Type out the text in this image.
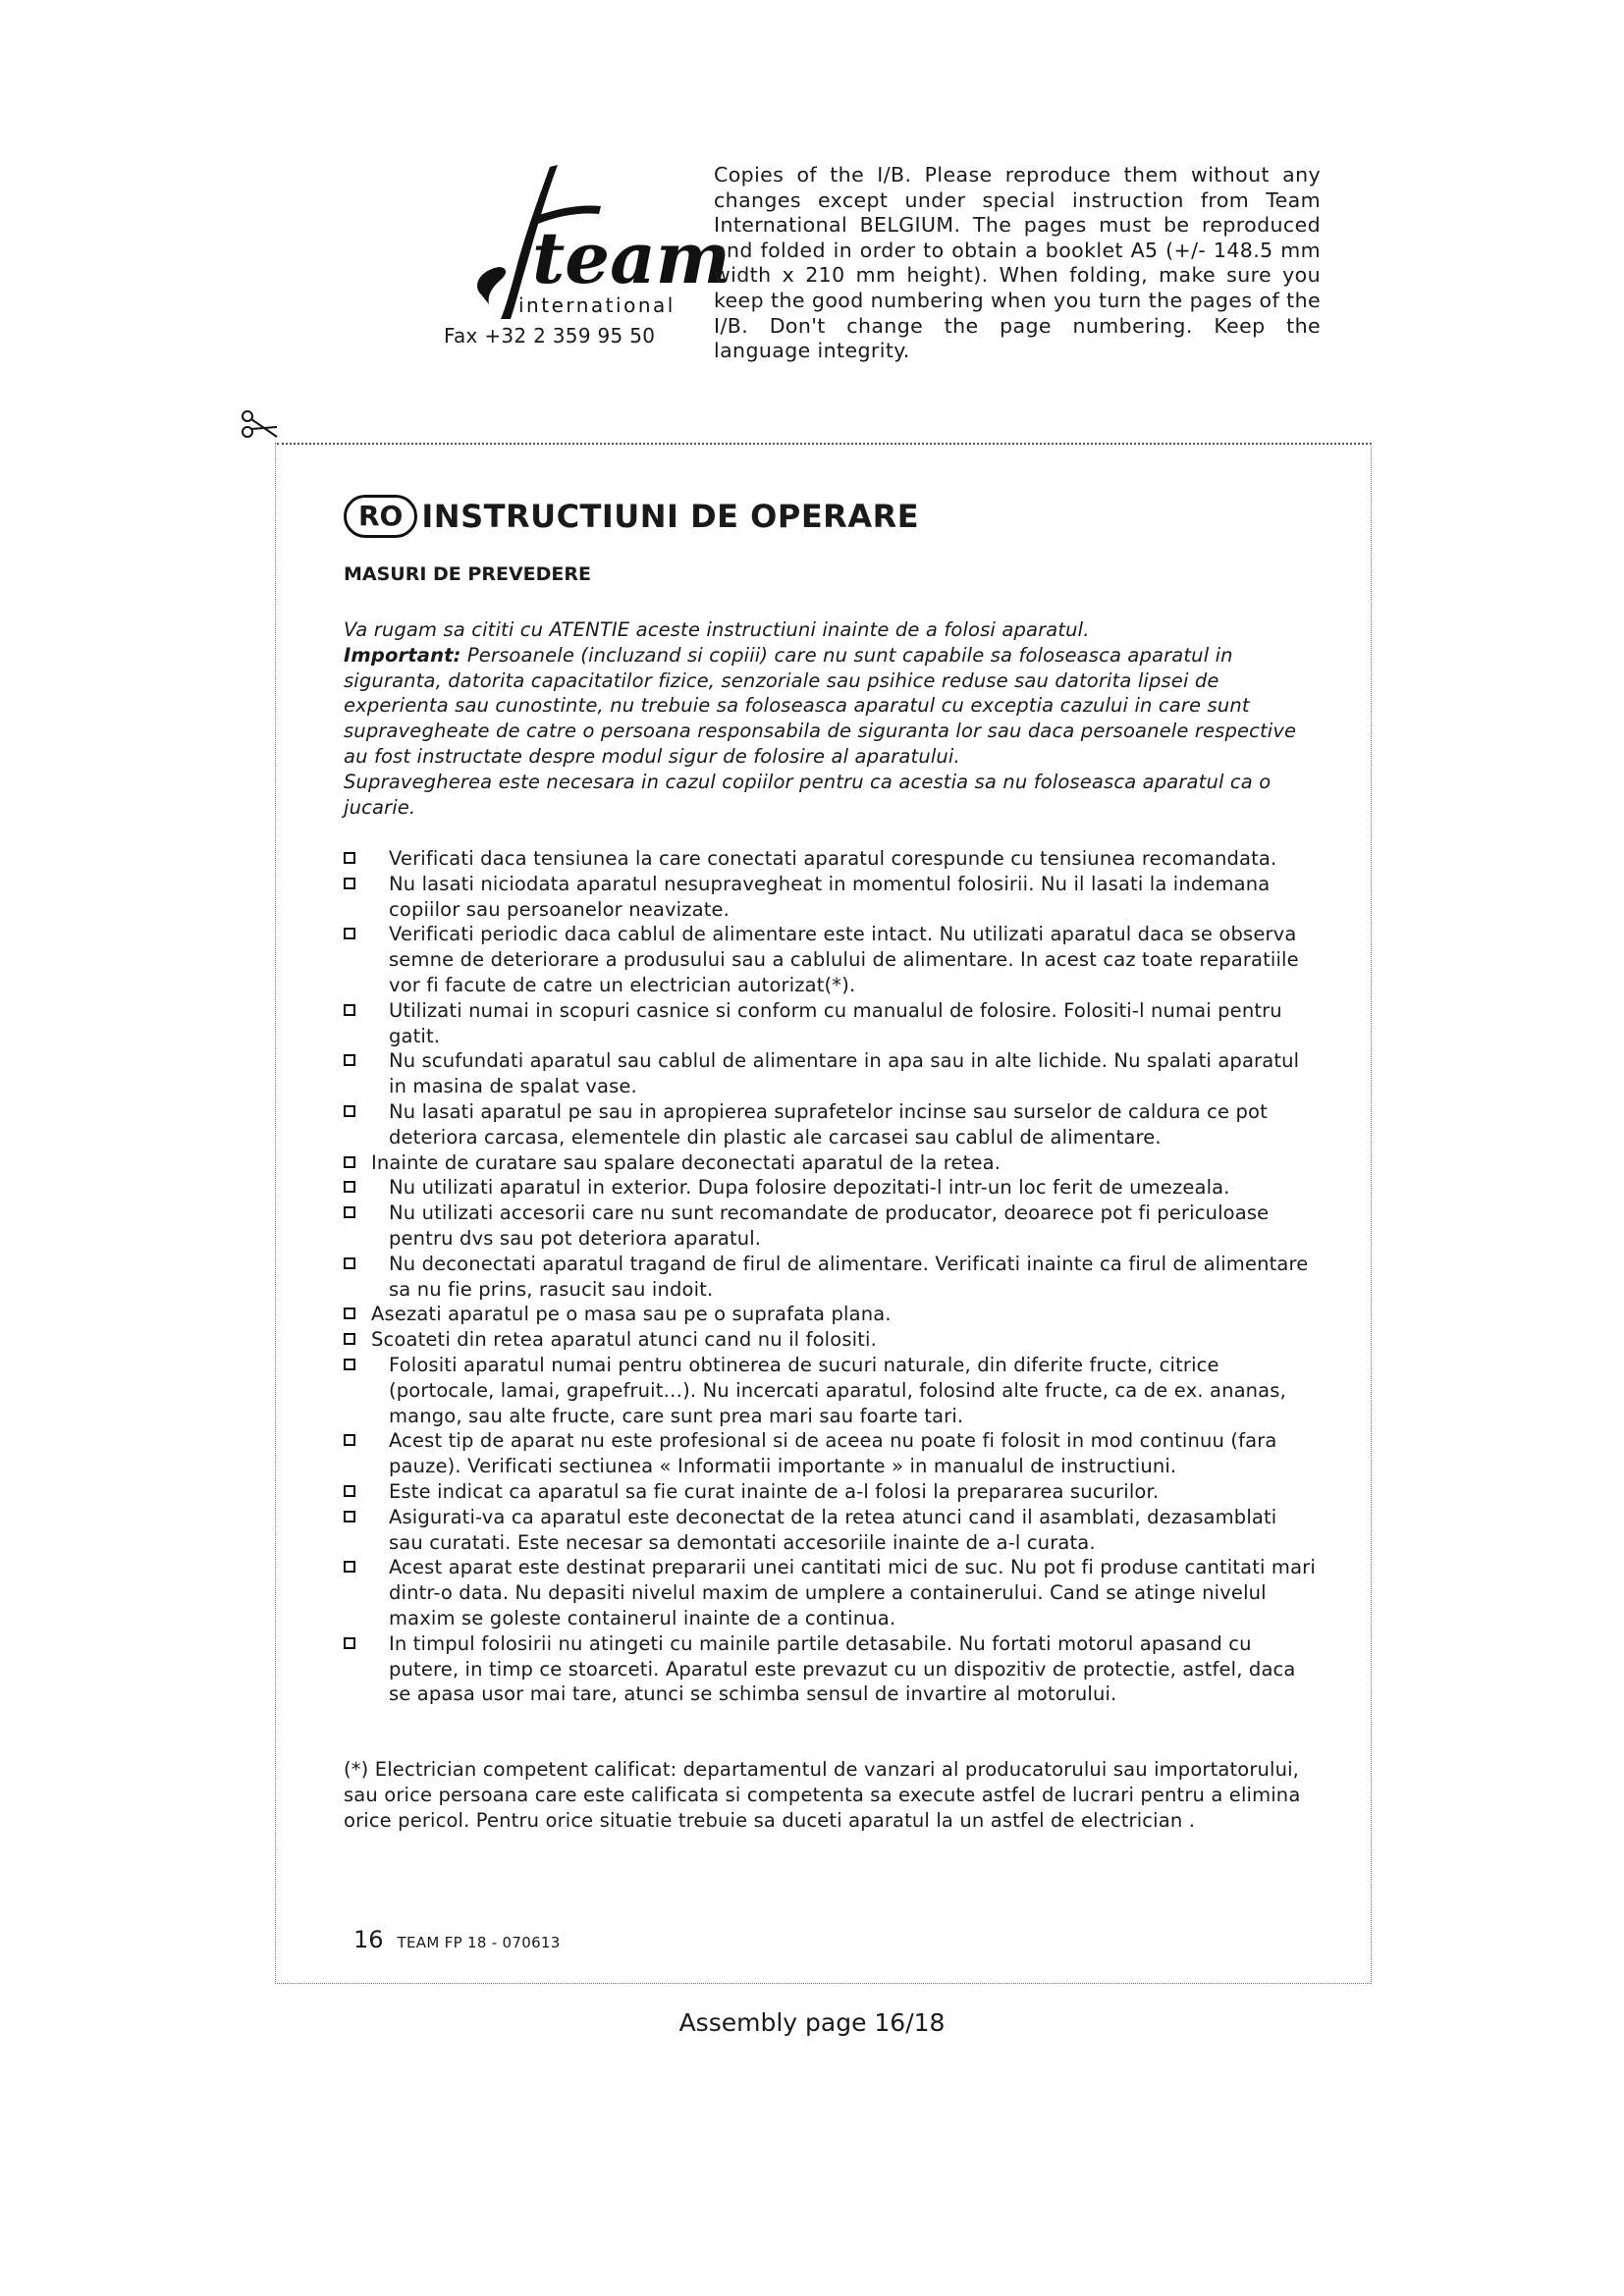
team
international
Fax +32 2 359 95 50
Copies of the I/B. Please reproduce them without any changes except under special instruction from Team International BELGIUM. The pages must be reproduced and folded in order to obtain a booklet A5 (+/- 148.5 mm width x 210 mm height). When folding, make sure you keep the good numbering when you turn the pages of the I/B. Don't change the page numbering. Keep the language integrity.
RO INSTRUCTIUNI DE OPERARE
MASURI DE PREVEDERE

Va rugam sa cititi cu ATENTIE aceste instructiuni inainte de a folosi aparatul.

Important: Persoanele (incluzand si copiii) care nu sunt capabile sa foloseasca aparatul in siguranta, datorita capacitatilor fizice, senzoriale sau psihice reduse sau datorita lipsei de experienta sau cunostinte, nu trebuie sa foloseasca aparatul cu exceptia cazului in care sunt supravegheate de catre o persoana responsabila de siguranta lor sau daca persoanele respective au fost instructate despre modul sigur de folosire al aparatului.

Supravegherea este necesara in cazul copiilor pentru ca acestia sa nu foloseasca aparatul ca o jucarie.

Verificati daca tensiunea la care conectati aparatul corespunde cu tensiunea recomandata.
Nu lasati niciodata aparatul nesupravegheat in momentul folosirii. Nu il lasati la indemana copiilor sau persoanelor neavizate.
Verificati periodic daca cablul de alimentare este intact. Nu utilizati aparatul daca se observa semne de deteriorare a produsului sau a cablului de alimentare. In acest caz toate reparatiile vor fi facute de catre un electrician autorizat(*).
Utilizati numai in scopuri casnice si conform cu manualul de folosire. Folositi-l numai pentru gatit.
Nu scufundati aparatul sau cablul de alimentare in apa sau in alte lichide. Nu spalati aparatul in masina de spalat vase.
Nu lasati aparatul pe sau in apropierea suprafetelor incinse sau surselor de caldura ce pot deteriora carcasa, elementele din plastic ale carcasei sau cablul de alimentare.
Inainte de curatare sau spalare deconectati aparatul de la retea.
Nu utilizati aparatul in exterior. Dupa folosire depozitati-l intr-un loc ferit de umezeala.
Nu utilizati accesorii care nu sunt recomandate de producator, deoarece pot fi periculoase pentru dvs sau pot deteriora aparatul.
Nu deconectati aparatul tragand de firul de alimentare. Verificati inainte ca firul de alimentare sa nu fie prins, rasucit sau indoit.
Asezati aparatul pe o masa sau pe o suprafata plana.
Scoateti din retea aparatul atunci cand nu il folositi.
Folositi aparatul numai pentru obtinerea de sucuri naturale, din diferite fructe, citrice (portocale, lamai, grapefruit…). Nu incercati aparatul, folosind alte fructe, ca de ex. ananas, mango, sau alte fructe, care sunt prea mari sau foarte tari.
Acest tip de aparat nu este profesional si de aceea nu poate fi folosit in mod continuu (fara pauze). Verificati sectiunea « Informatii importante » in manualul de instructiuni.
Este indicat ca aparatul sa fie curat inainte de a-l folosi la prepararea sucurilor.
Asigurati-va ca aparatul este deconectat de la retea atunci cand il asamblati, dezasamblati sau curatati. Este necesar sa demontati accesoriile inainte de a-l curata.
Acest aparat este destinat prepararii unei cantitati mici de suc. Nu pot fi produse cantitati mari dintr-o data. Nu depasiti nivelul maxim de umplere a containerului. Cand se atinge nivelul maxim se goleste containerul inainte de a continua.
In timpul folosirii nu atingeti cu mainile partile detasabile. Nu fortati motorul apasand cu putere, in timp ce stoarceti. Aparatul este prevazut cu un dispozitiv de protectie, astfel, daca se apasa usor mai tare, atunci se schimba sensul de invartire al motorului.
(*) Electrician competent calificat: departamentul de vanzari al producatorului sau importatorului, sau orice persoana care este calificata si competenta sa execute astfel de lucrari pentru a elimina orice pericol. Pentru orice situatie trebuie sa duceti aparatul la un astfel de electrician .
16 TEAM FP 18 - 070613
Assembly page 16/18
